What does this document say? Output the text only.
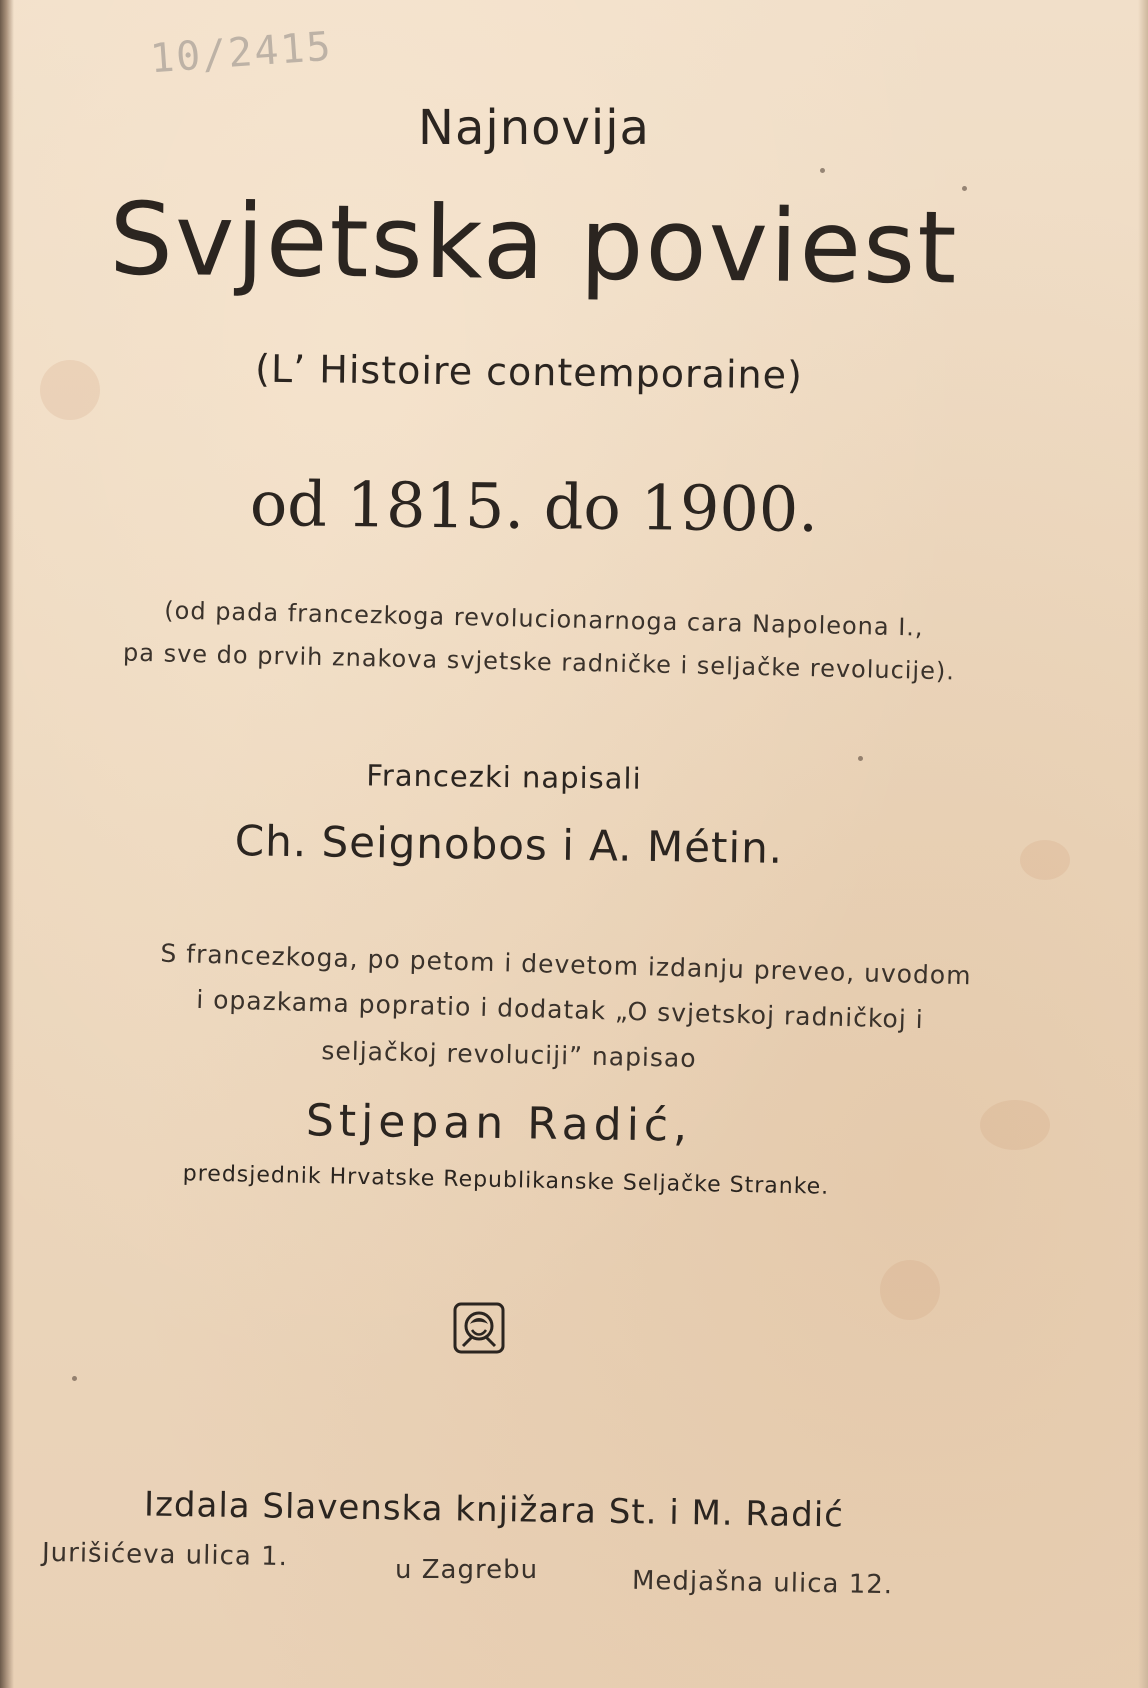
10/2415
Najnovija
Svjetska poviest
(L’ Histoire contemporaine)
od 1815. do 1900.
(od pada francezkoga revolucionarnoga cara Napoleona I.,
pa sve do prvih znakova svjetske radničke i seljačke revolucije).
Francezki napisali
Ch. Seignobos i A. Métin.
S francezkoga, po petom i devetom izdanju preveo, uvodom
i opazkama popratio i dodatak „O svjetskoj radničkoj i
seljačkoj revoluciji” napisao
Stjepan Radić,
predsjednik Hrvatske Republikanske Seljačke Stranke.
Izdala Slavenska knjižara St. i M. Radić
Jurišićeva ulica 1.	u Zagrebu	Medjašna ulica 12.
